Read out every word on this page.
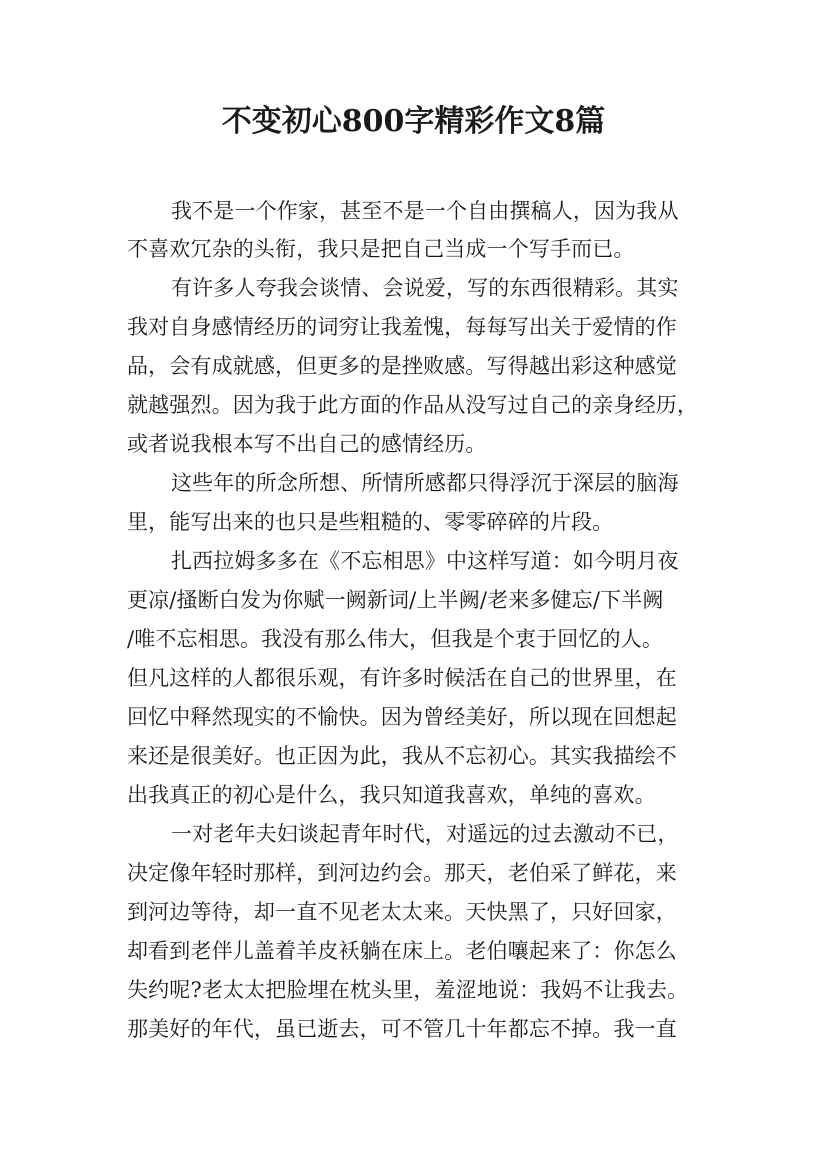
不变初心800字精彩作文8篇
我不是一个作家，甚至不是一个自由撰稿人，因为我从
不喜欢冗杂的头衔，我只是把自己当成一个写手而已。
有许多人夸我会谈情、会说爱，写的东西很精彩。其实
我对自身感情经历的词穷让我羞愧，每每写出关于爱情的作
品，会有成就感，但更多的是挫败感。写得越出彩这种感觉
就越强烈。因为我于此方面的作品从没写过自己的亲身经历，
或者说我根本写不出自己的感情经历。
这些年的所念所想、所情所感都只得浮沉于深层的脑海
里，能写出来的也只是些粗糙的、零零碎碎的片段。
扎西拉姆多多在《不忘相思》中这样写道：如今明月夜
更凉/搔断白发为你赋一阙新词/上半阙/老来多健忘/下半阙
/唯不忘相思。我没有那么伟大，但我是个衷于回忆的人。
但凡这样的人都很乐观，有许多时候活在自己的世界里，在
回忆中释然现实的不愉快。因为曾经美好，所以现在回想起
来还是很美好。也正因为此，我从不忘初心。其实我描绘不
出我真正的初心是什么，我只知道我喜欢，单纯的喜欢。
一对老年夫妇谈起青年时代，对遥远的过去激动不已，
决定像年轻时那样，到河边约会。那天，老伯采了鲜花，来
到河边等待，却一直不见老太太来。天快黑了，只好回家，
却看到老伴儿盖着羊皮袄躺在床上。老伯嚷起来了：你怎么
失约呢?老太太把脸埋在枕头里，羞涩地说：我妈不让我去。
那美好的年代，虽已逝去，可不管几十年都忘不掉。我一直
